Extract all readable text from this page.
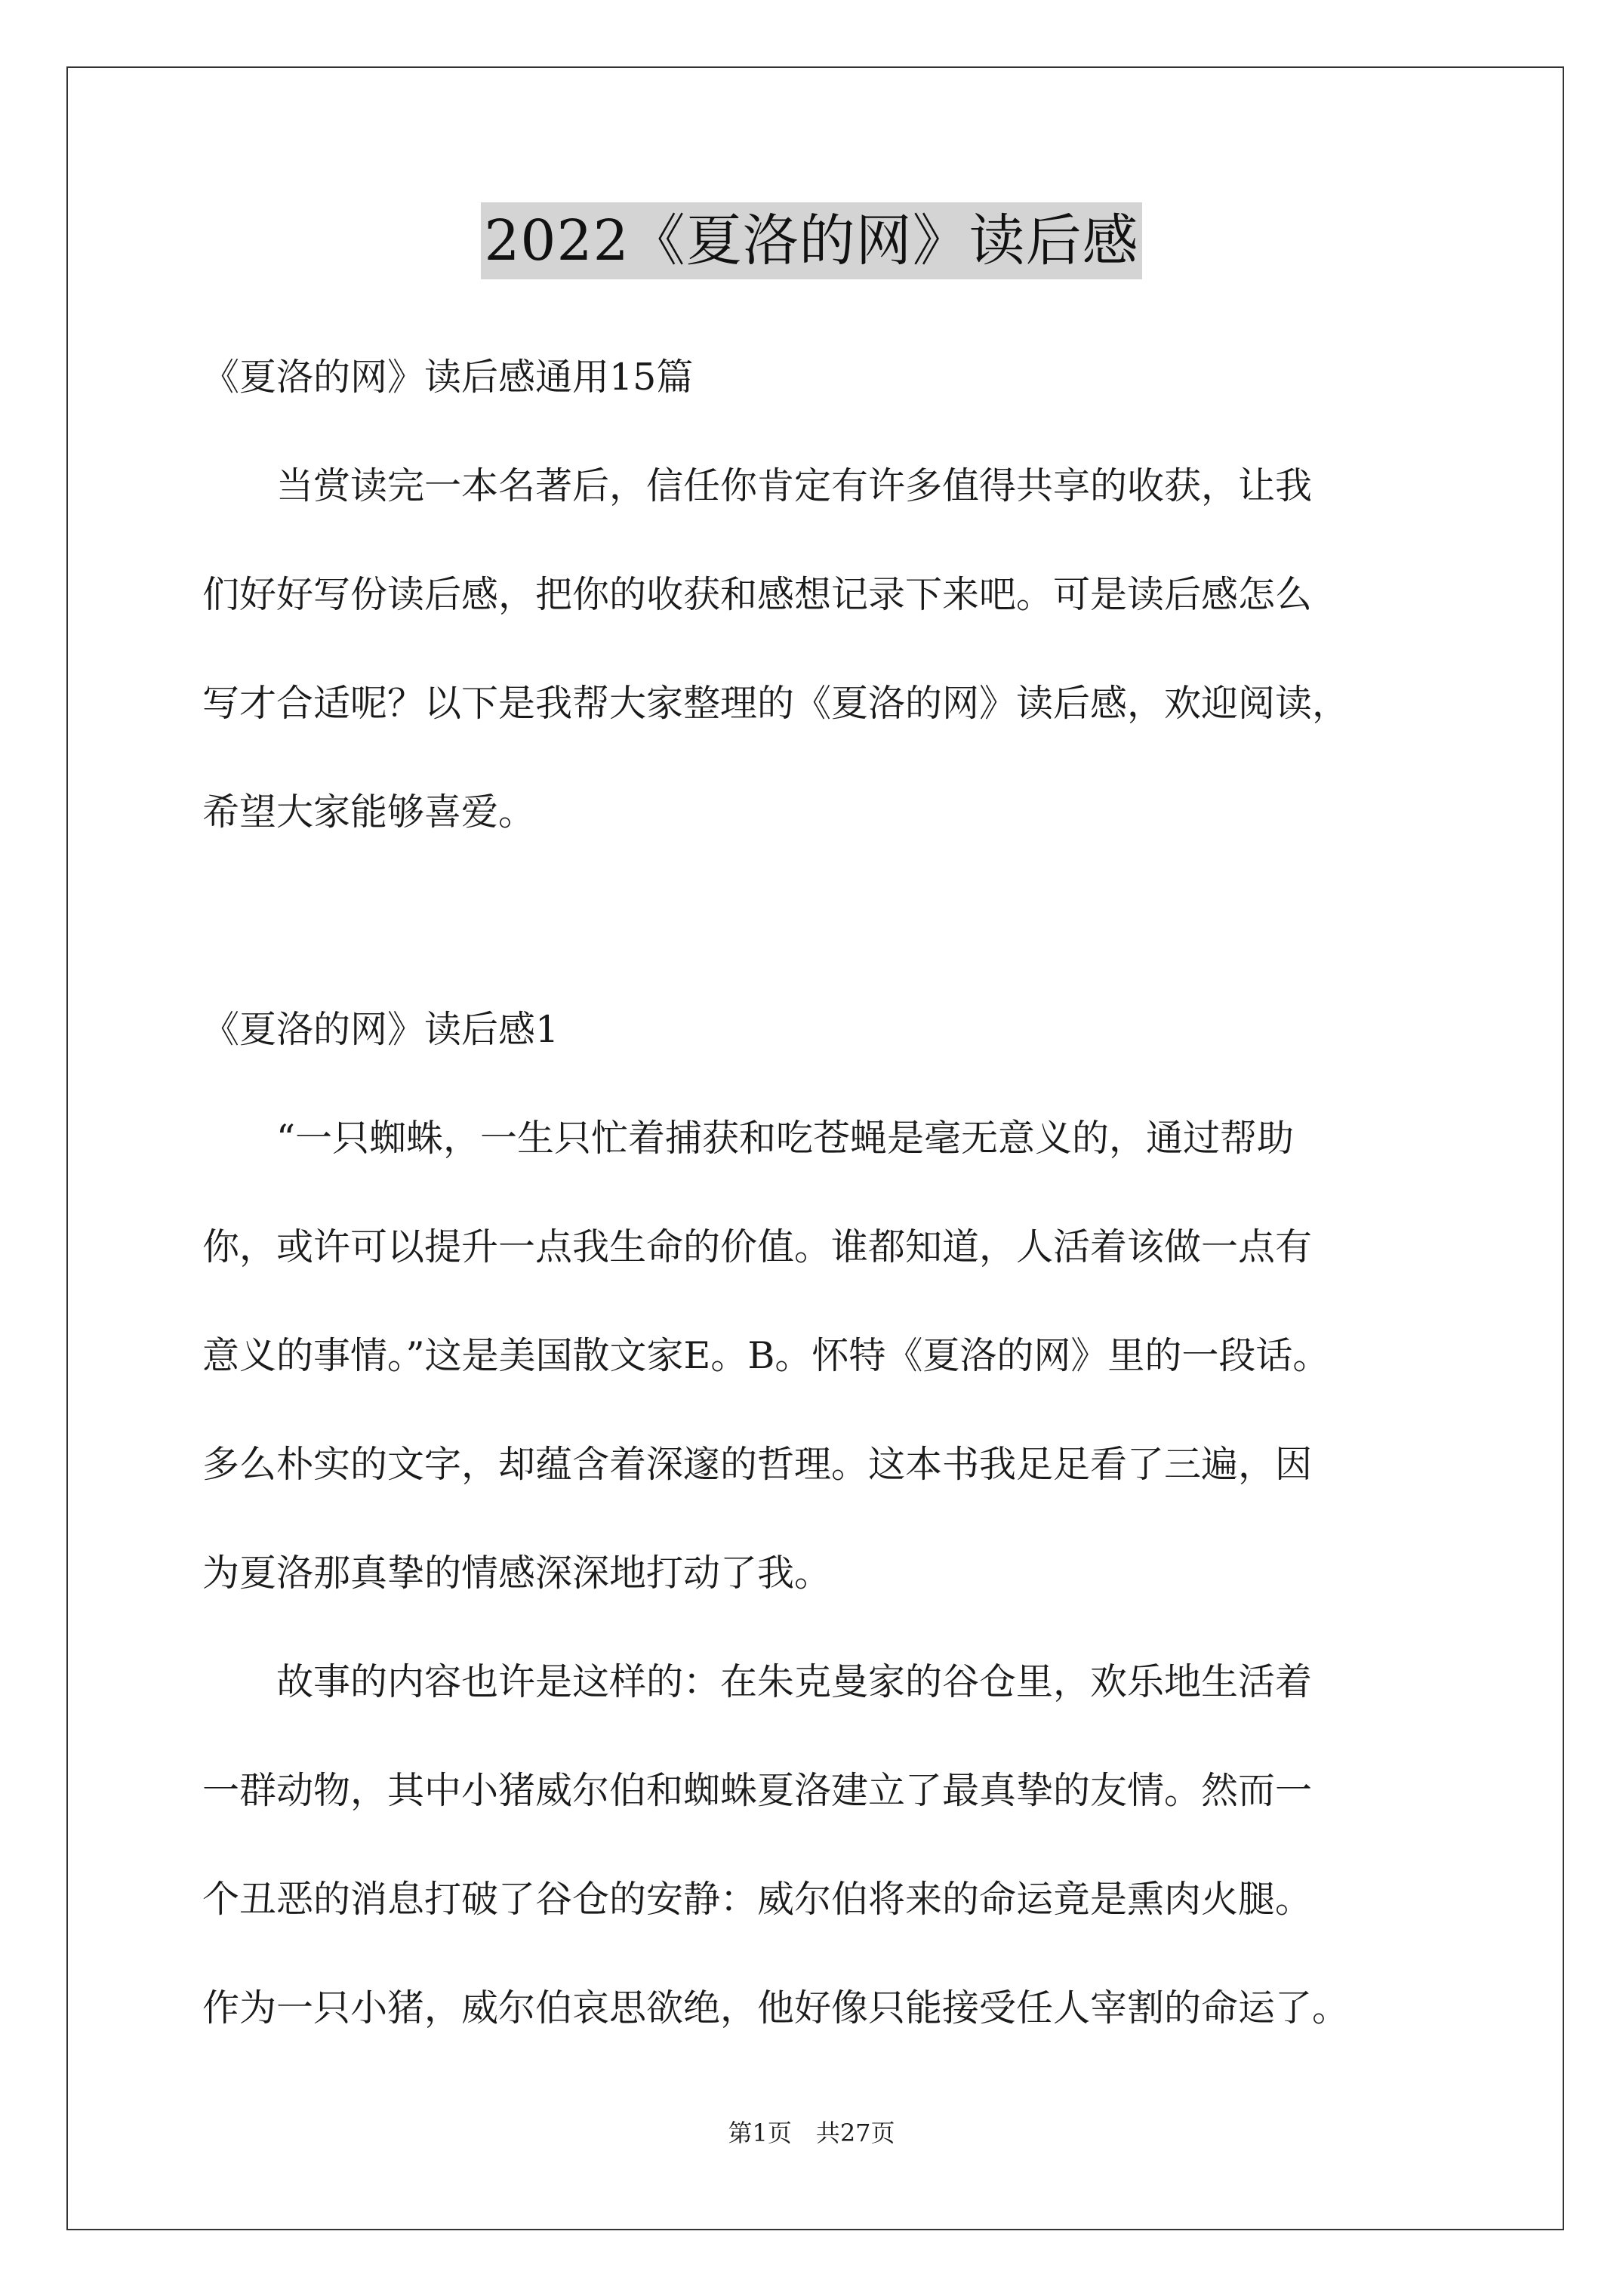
2022《夏洛的网》读后感
《夏洛的网》读后感通用15篇
　　当赏读完一本名著后，信任你肯定有许多值得共享的收获，让我
们好好写份读后感，把你的收获和感想记录下来吧。可是读后感怎么
写才合适呢？以下是我帮大家整理的《夏洛的网》读后感，欢迎阅读，
希望大家能够喜爱。
《夏洛的网》读后感1
　　“一只蜘蛛，一生只忙着捕获和吃苍蝇是毫无意义的，通过帮助
你，或许可以提升一点我生命的价值。谁都知道，人活着该做一点有
意义的事情。”这是美国散文家E。B。怀特《夏洛的网》里的一段话。
多么朴实的文字，却蕴含着深邃的哲理。这本书我足足看了三遍，因
为夏洛那真挚的情感深深地打动了我。
　　故事的内容也许是这样的：在朱克曼家的谷仓里，欢乐地生活着
一群动物，其中小猪威尔伯和蜘蛛夏洛建立了最真挚的友情。然而一
个丑恶的消息打破了谷仓的安静：威尔伯将来的命运竟是熏肉火腿。
作为一只小猪，威尔伯哀思欲绝，他好像只能接受任人宰割的命运了。
第1页　共27页
